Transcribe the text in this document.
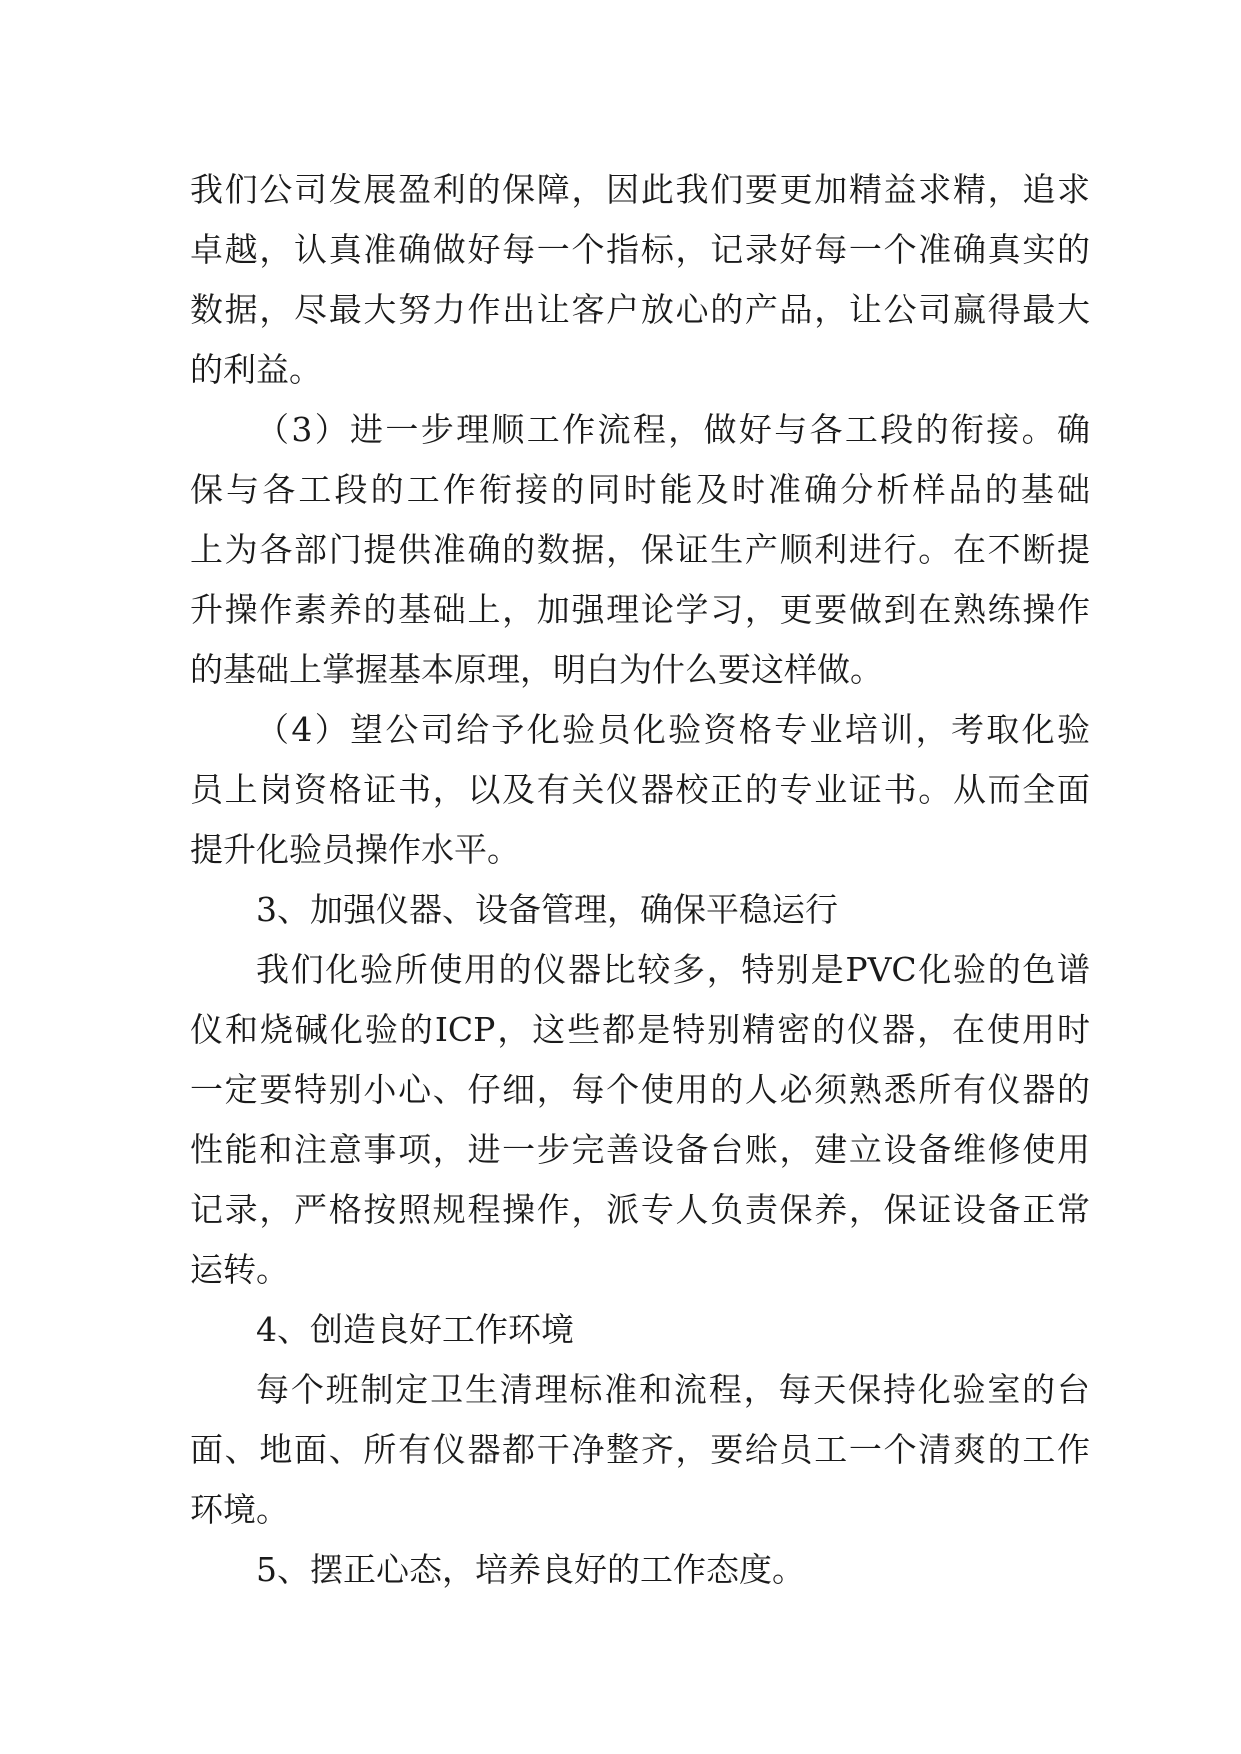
我们公司发展盈利的保障，因此我们要更加精益求精，追求
卓越，认真准确做好每一个指标，记录好每一个准确真实的
数据，尽最大努力作出让客户放心的产品，让公司赢得最大
的利益。
（3）进一步理顺工作流程，做好与各工段的衔接。确
保与各工段的工作衔接的同时能及时准确分析样品的基础
上为各部门提供准确的数据，保证生产顺利进行。在不断提
升操作素养的基础上，加强理论学习，更要做到在熟练操作
的基础上掌握基本原理，明白为什么要这样做。
（4）望公司给予化验员化验资格专业培训，考取化验
员上岗资格证书，以及有关仪器校正的专业证书。从而全面
提升化验员操作水平。
3、加强仪器、设备管理，确保平稳运行
我们化验所使用的仪器比较多，特别是PVC化验的色谱
仪和烧碱化验的ICP，这些都是特别精密的仪器，在使用时
一定要特别小心、仔细，每个使用的人必须熟悉所有仪器的
性能和注意事项，进一步完善设备台账，建立设备维修使用
记录，严格按照规程操作，派专人负责保养，保证设备正常
运转。
4、创造良好工作环境
每个班制定卫生清理标准和流程，每天保持化验室的台
面、地面、所有仪器都干净整齐，要给员工一个清爽的工作
环境。
5、摆正心态，培养良好的工作态度。
